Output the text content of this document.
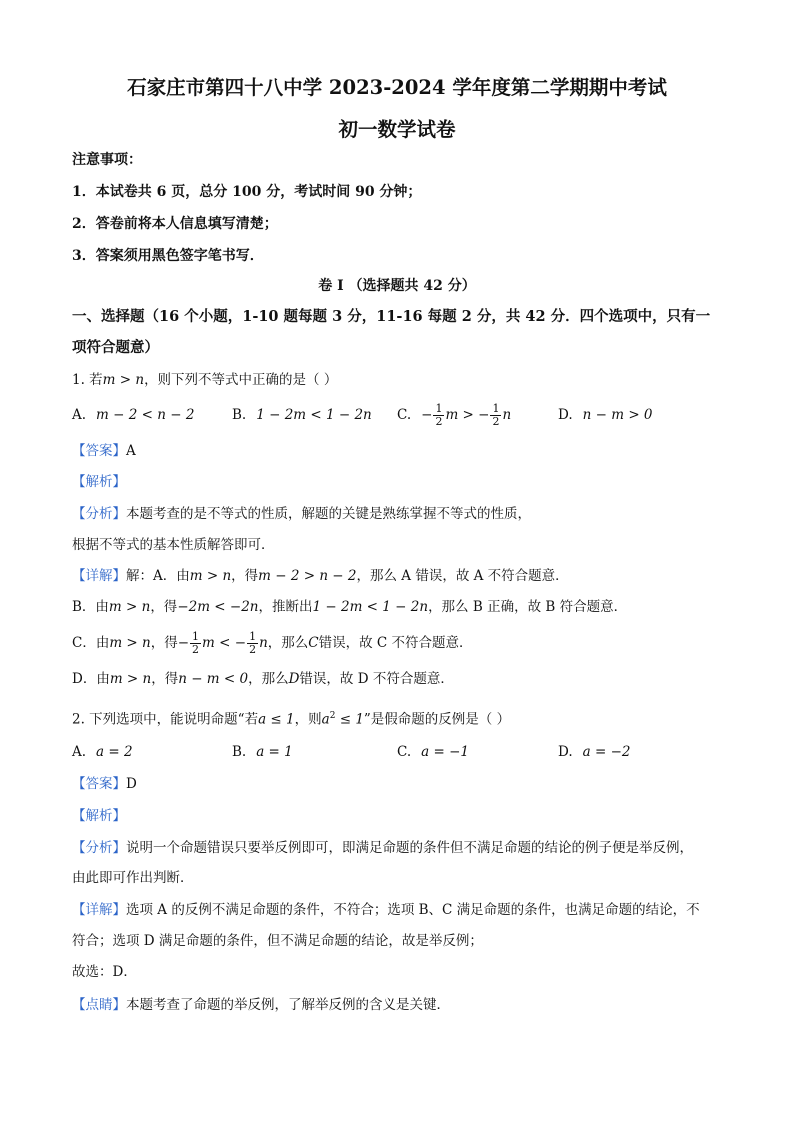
石家庄市第四十八中学 2023-2024 学年度第二学期期中考试
初一数学试卷
注意事项：
1．本试卷共 6 页，总分 100 分，考试时间 90 分钟；
2．答卷前将本人信息填写清楚；
3．答案须用黑色签字笔书写．
卷 I （选择题共 42 分）
一、选择题（16 个小题，1-10 题每题 3 分，11-16 每题 2 分，共 42 分．四个选项中，只有一
项符合题意）
1. 若m > n，则下列不等式中正确的是（ ）
A. m − 2 < n − 2	B. 1 − 2m < 1 − 2n C. − $\frac{1}{2}$ m > − $\frac{1}{2}$ n	D. n − m > 0
【答案】A
【解析】
【分析】本题考查的是不等式的性质，解题的关键是熟练掌握不等式的性质，
根据不等式的基本性质解答即可．
【详解】解：A．由m > n，得m − 2 > n − 2，那么 A 错误，故 A 不符合题意．
B．由m > n，得−2m < −2n，推断出1 − 2m < 1 − 2n，那么 B 正确，故 B 符合题意．
C．由 m > n ，得 − $\frac{1}{2}$ m < − $\frac{1}{2}$ n ，那么 C 错误，故 C 不符合题意．
D．由m > n，得n − m < 0，那么D错误，故 D 不符合题意．
2. 下列选项中，能说明命题“若a ≤ 1，则$a^2 \le 1$”是假命题的反例是（ ）
A. a = 2	B. a = 1	C. a = −1	D. a = −2
【答案】D
【解析】
【分析】说明一个命题错误只要举反例即可，即满足命题的条件但不满足命题的结论的例子便是举反例，
由此即可作出判断．
【详解】选项 A 的反例不满足命题的条件，不符合；选项 B、C 满足命题的条件，也满足命题的结论，不
符合；选项 D 满足命题的条件，但不满足命题的结论，故是举反例；
故选：D．
【点睛】本题考查了命题的举反例，了解举反例的含义是关键．
